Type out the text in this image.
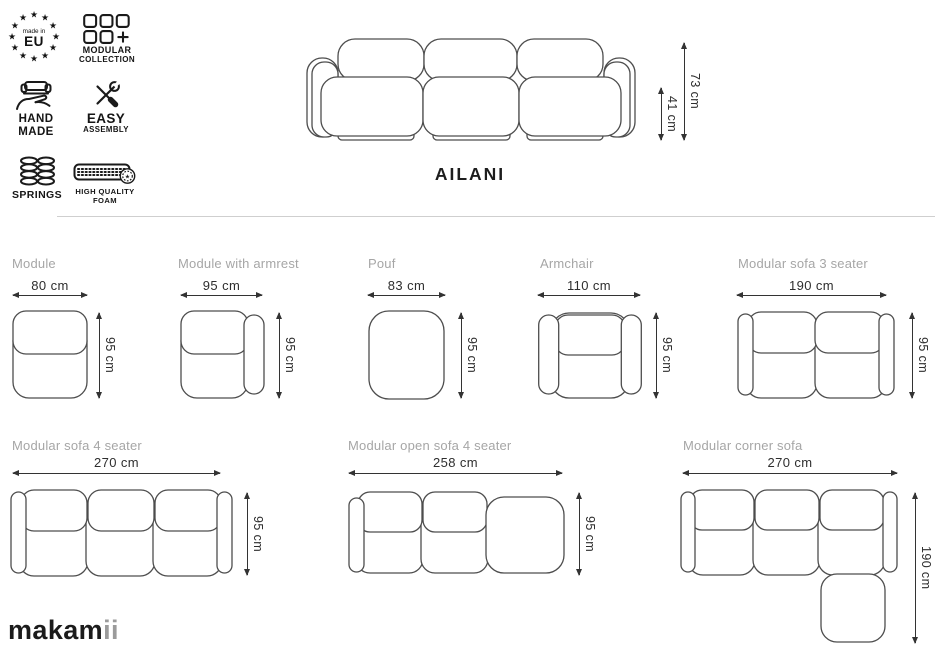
★ ★
★
★
★
★
★
★
★
★
★
★
made in
EU
MODULAR
COLLECTION
HAND
MADE
EASY
ASSEMBLY
SPRINGS
★
HIGH QUALITY
FOAM
41 cm
73 cm
AILANI
Module
80 cm
95 cm
Module with armrest
95 cm
95 cm
Pouf
83 cm
95 cm
Armchair
110 cm
95 cm
Modular sofa 3 seater
190 cm
95 cm
Modular sofa 4 seater
270 cm
95 cm
Modular open sofa 4 seater
258 cm
95 cm
Modular corner sofa
270 cm
190 cm
makamii
